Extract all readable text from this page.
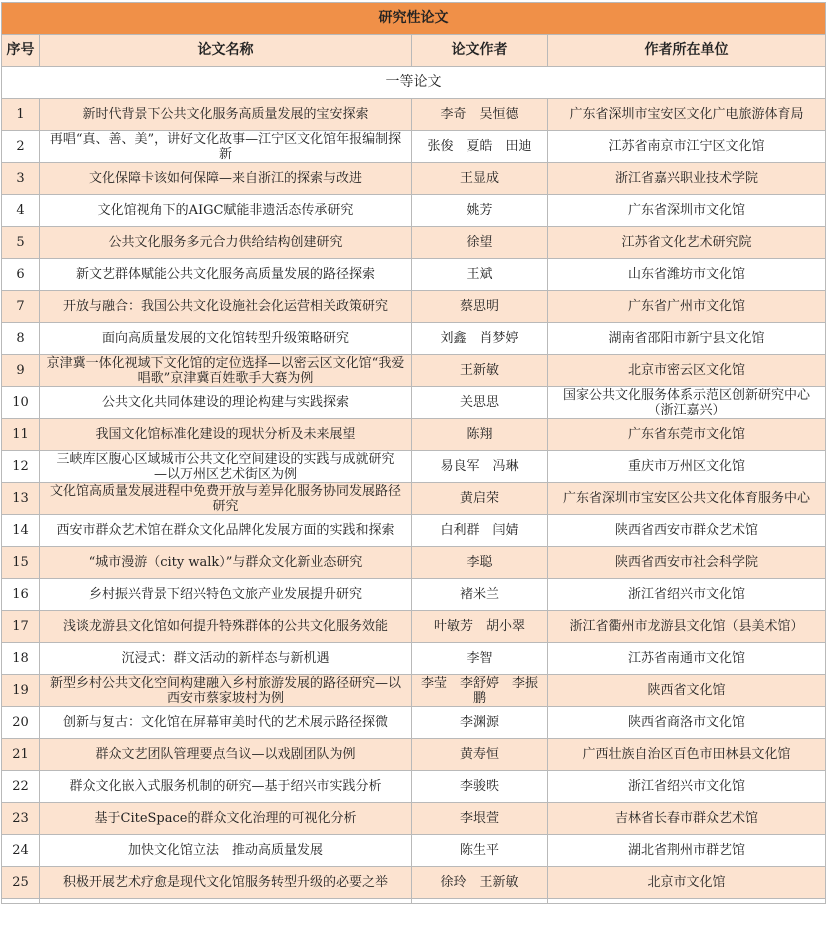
研究性论文			
序号	论文名称	论文作者	作者所在单位
一等论文			
1	新时代背景下公共文化服务高质量发展的宝安探索	李奇　吴恒德	广东省深圳市宝安区文化广电旅游体育局
2	再唱“真、善、美”，讲好文化故事—江宁区文化馆年报编制探新	张俊　夏皓　田迪	江苏省南京市江宁区文化馆
3	文化保障卡该如何保障—来自浙江的探索与改进	王显成	浙江省嘉兴职业技术学院
4	文化馆视角下的AIGC赋能非遗活态传承研究	姚芳	广东省深圳市文化馆
5	公共文化服务多元合力供给结构创建研究	徐望	江苏省文化艺术研究院
6	新文艺群体赋能公共文化服务高质量发展的路径探索	王斌	山东省潍坊市文化馆
7	开放与融合：我国公共文化设施社会化运营相关政策研究	蔡思明	广东省广州市文化馆
8	面向高质量发展的文化馆转型升级策略研究	刘鑫　肖梦婷	湖南省邵阳市新宁县文化馆
9	京津冀一体化视域下文化馆的定位选择—以密云区文化馆“我爱唱歌”京津冀百姓歌手大赛为例	王新敏	北京市密云区文化馆
10	公共文化共同体建设的理论构建与实践探索	关思思	国家公共文化服务体系示范区创新研究中心（浙江嘉兴）
11	我国文化馆标准化建设的现状分析及未来展望	陈翔	广东省东莞市文化馆
12	三峡库区腹心区域城市公共文化空间建设的实践与成就研究　—以万州区艺术街区为例	易良军　冯琳	重庆市万州区文化馆
13	文化馆高质量发展进程中免费开放与差异化服务协同发展路径研究	黄启荣	广东省深圳市宝安区公共文化体育服务中心
14	西安市群众艺术馆在群众文化品牌化发展方面的实践和探索	白利群　闫婧	陕西省西安市群众艺术馆
15	“城市漫游（city walk）”与群众文化新业态研究	李聪	陕西省西安市社会科学院
16	乡村振兴背景下绍兴特色文旅产业发展提升研究	褚米兰	浙江省绍兴市文化馆
17	浅谈龙游县文化馆如何提升特殊群体的公共文化服务效能	叶敏芳　胡小翠	浙江省衢州市龙游县文化馆（县美术馆）
18	沉浸式：群文活动的新样态与新机遇	李智	江苏省南通市文化馆
19	新型乡村公共文化空间构建融入乡村旅游发展的路径研究—以西安市蔡家坡村为例	李莹　李舒婷　李振鹏	陕西省文化馆
20	创新与复古：文化馆在屏幕审美时代的艺术展示路径探微	李渊源	陕西省商洛市文化馆
21	群众文艺团队管理要点刍议—以戏剧团队为例	黄寿恒	广西壮族自治区百色市田林县文化馆
22	群众文化嵌入式服务机制的研究—基于绍兴市实践分析	李骏昳	浙江省绍兴市文化馆
23	基于CiteSpace的群众文化治理的可视化分析	李垠萱	吉林省长春市群众艺术馆
24	加快文化馆立法　推动高质量发展	陈生平	湖北省荆州市群艺馆
25	积极开展艺术疗愈是现代文化馆服务转型升级的必要之举	徐玲　王新敏	北京市文化馆
